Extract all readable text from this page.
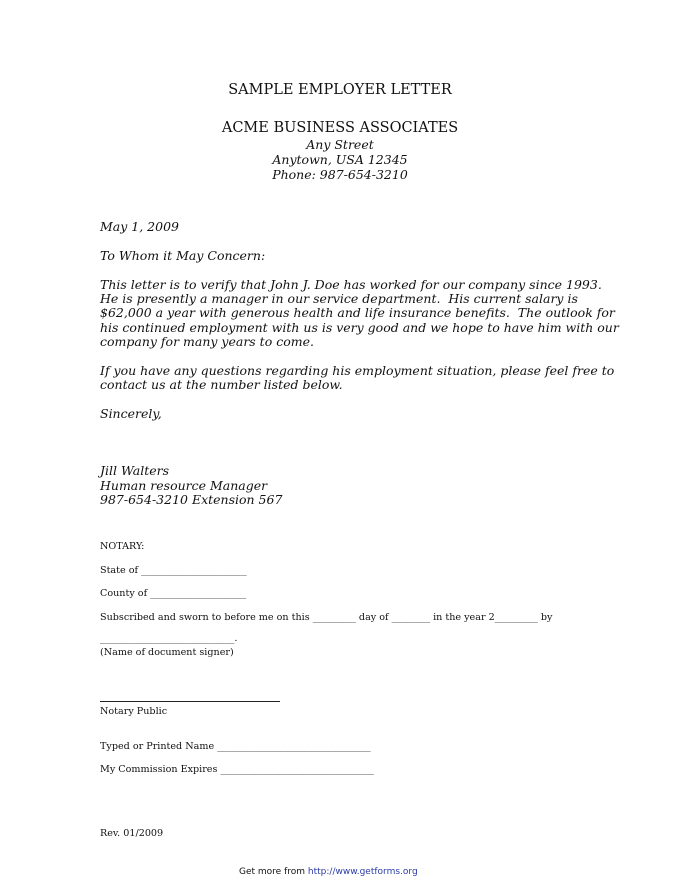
SAMPLE EMPLOYER LETTER
ACME BUSINESS ASSOCIATES
Any Street
Anytown, USA 12345
Phone: 987-654-3210
May 1, 2009
To Whom it May Concern:
This letter is to verify that John J. Doe has worked for our company since 1993.
He is presently a manager in our service department.  His current salary is
$62,000 a year with generous health and life insurance benefits.  The outlook for
his continued employment with us is very good and we hope to have him with our
company for many years to come.
If you have any questions regarding his employment situation, please feel free to
contact us at the number listed below.
Sincerely,
Jill Walters
Human resource Manager
987-654-3210 Extension 567
NOTARY:
State of ______________________
County of ____________________
Subscribed and sworn to before me on this _________ day of ________ in the year 2_________ by
____________________________.
(Name of document signer)
Notary Public
Typed or Printed Name ________________________________
My Commission Expires ________________________________
Rev. 01/2009
Get more from http://www.getforms.org
